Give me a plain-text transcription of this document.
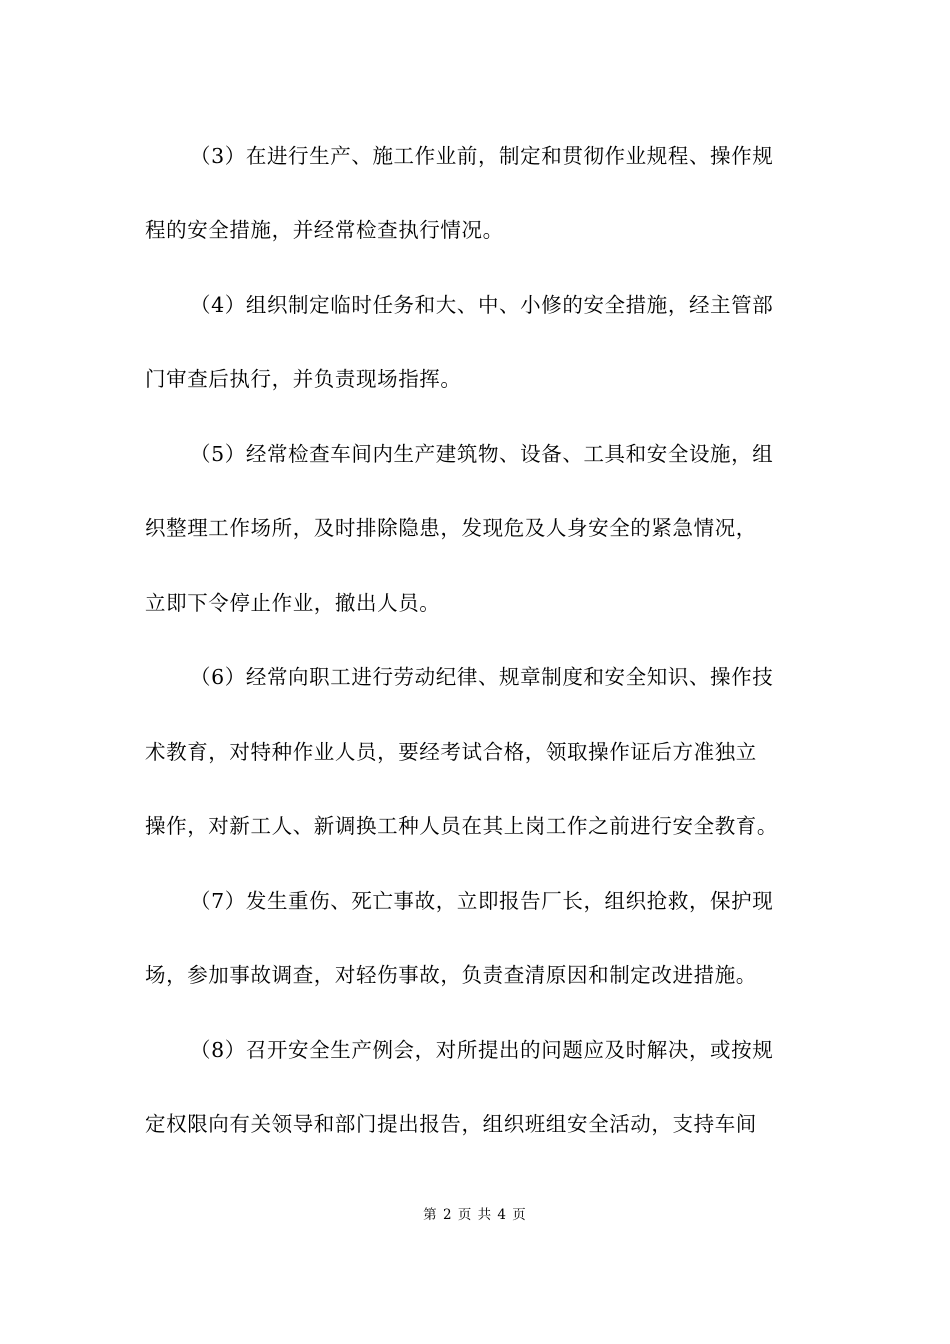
（3）在进行生产、施工作业前，制定和贯彻作业规程、操作规
程的安全措施，并经常检查执行情况。
（4）组织制定临时任务和大、中、小修的安全措施，经主管部
门审查后执行，并负责现场指挥。
（5）经常检查车间内生产建筑物、设备、工具和安全设施，组
织整理工作场所，及时排除隐患，发现危及人身安全的紧急情况，
立即下令停止作业，撤出人员。
（6）经常向职工进行劳动纪律、规章制度和安全知识、操作技
术教育，对特种作业人员，要经考试合格，领取操作证后方准独立
操作，对新工人、新调换工种人员在其上岗工作之前进行安全教育。
（7）发生重伤、死亡事故，立即报告厂长，组织抢救，保护现
场，参加事故调查，对轻伤事故，负责查清原因和制定改进措施。
（8）召开安全生产例会，对所提出的问题应及时解决，或按规
定权限向有关领导和部门提出报告，组织班组安全活动，支持车间
第 2 页 共 4 页
